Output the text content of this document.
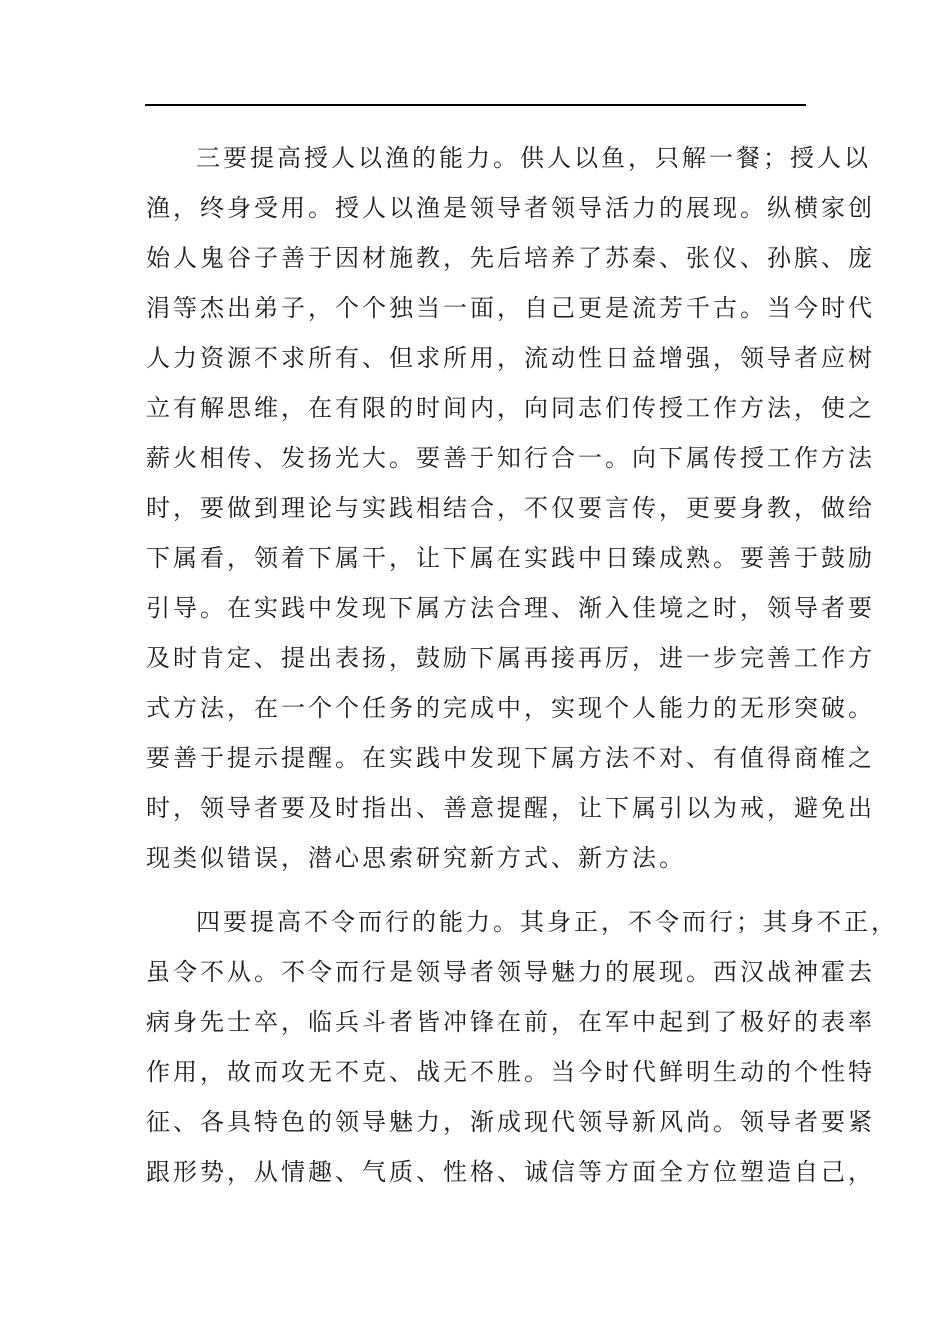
三要提高授人以渔的能力。供人以鱼，只解一餐；授人以
渔，终身受用。授人以渔是领导者领导活力的展现。纵横家创
始人鬼谷子善于因材施教，先后培养了苏秦、张仪、孙膑、庞
涓等杰出弟子，个个独当一面，自己更是流芳千古。当今时代
人力资源不求所有、但求所用，流动性日益增强，领导者应树
立有解思维，在有限的时间内，向同志们传授工作方法，使之
薪火相传、发扬光大。要善于知行合一。向下属传授工作方法
时，要做到理论与实践相结合，不仅要言传，更要身教，做给
下属看，领着下属干，让下属在实践中日臻成熟。要善于鼓励
引导。在实践中发现下属方法合理、渐入佳境之时，领导者要
及时肯定、提出表扬，鼓励下属再接再厉，进一步完善工作方
式方法，在一个个任务的完成中，实现个人能力的无形突破。
要善于提示提醒。在实践中发现下属方法不对、有值得商榷之
时，领导者要及时指出、善意提醒，让下属引以为戒，避免出
现类似错误，潜心思索研究新方式、新方法。
四要提高不令而行的能力。其身正，不令而行；其身不正，
虽令不从。不令而行是领导者领导魅力的展现。西汉战神霍去
病身先士卒，临兵斗者皆冲锋在前，在军中起到了极好的表率
作用，故而攻无不克、战无不胜。当今时代鲜明生动的个性特
征、各具特色的领导魅力，渐成现代领导新风尚。领导者要紧
跟形势，从情趣、气质、性格、诚信等方面全方位塑造自己，
